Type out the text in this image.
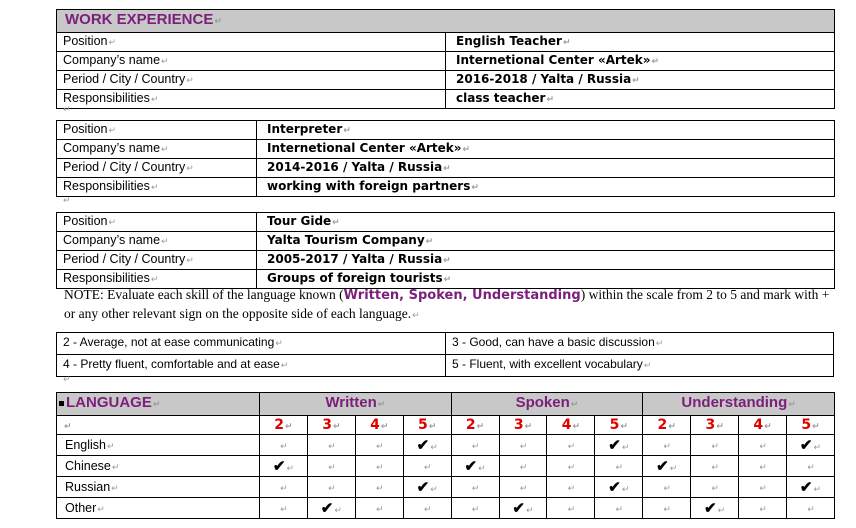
WORK EXPERIENCE↵	
Position↵	English Teacher↵
Company’s name↵	Internetional Center «Artek»↵
Period / City / Country↵	2016-2018 / Yalta / Russia↵
Responsibilities↵	class teacher↵
↵
Position↵	Interpreter↵
Company’s name↵	Internetional Center «Artek»↵
Period / City / Country↵	2014-2016 / Yalta / Russia↵
Responsibilities↵	working with foreign partners↵
↵
Position↵	Tour Gide↵
Company’s name↵	Yalta Tourism Company↵
Period / City / Country↵	2005-2017 / Yalta / Russia↵
Responsibilities↵	Groups of foreign tourists↵
NOTE: Evaluate each skill of the language known (Written, Spoken, Understanding) within the scale from 2 to 5 and mark with + or any other relevant sign on the opposite side of each language.↵
2 - Average, not at ease communicating↵	3 - Good, can have a basic discussion↵
4 - Pretty fluent, comfortable and at ease↵	5 - Fluent, with excellent vocabulary↵
↵
LANGUAGE↵	Written↵				Spoken↵				Understanding↵			
↵	2↵	3↵	4↵	5↵	2↵	3↵	4↵	5↵	2↵	3↵	4↵	5↵
English↵	↵	↵	↵	✔↵	↵	↵	↵	✔↵	↵	↵	↵	✔↵
Chinese↵	✔↵	↵	↵	↵	✔↵	↵	↵	↵	✔↵	↵	↵	↵
Russian↵	↵	↵	↵	✔↵	↵	↵	↵	✔↵	↵	↵	↵	✔↵
Other↵	↵	✔↵	↵	↵	↵	✔↵	↵	↵	↵	✔↵	↵	↵
